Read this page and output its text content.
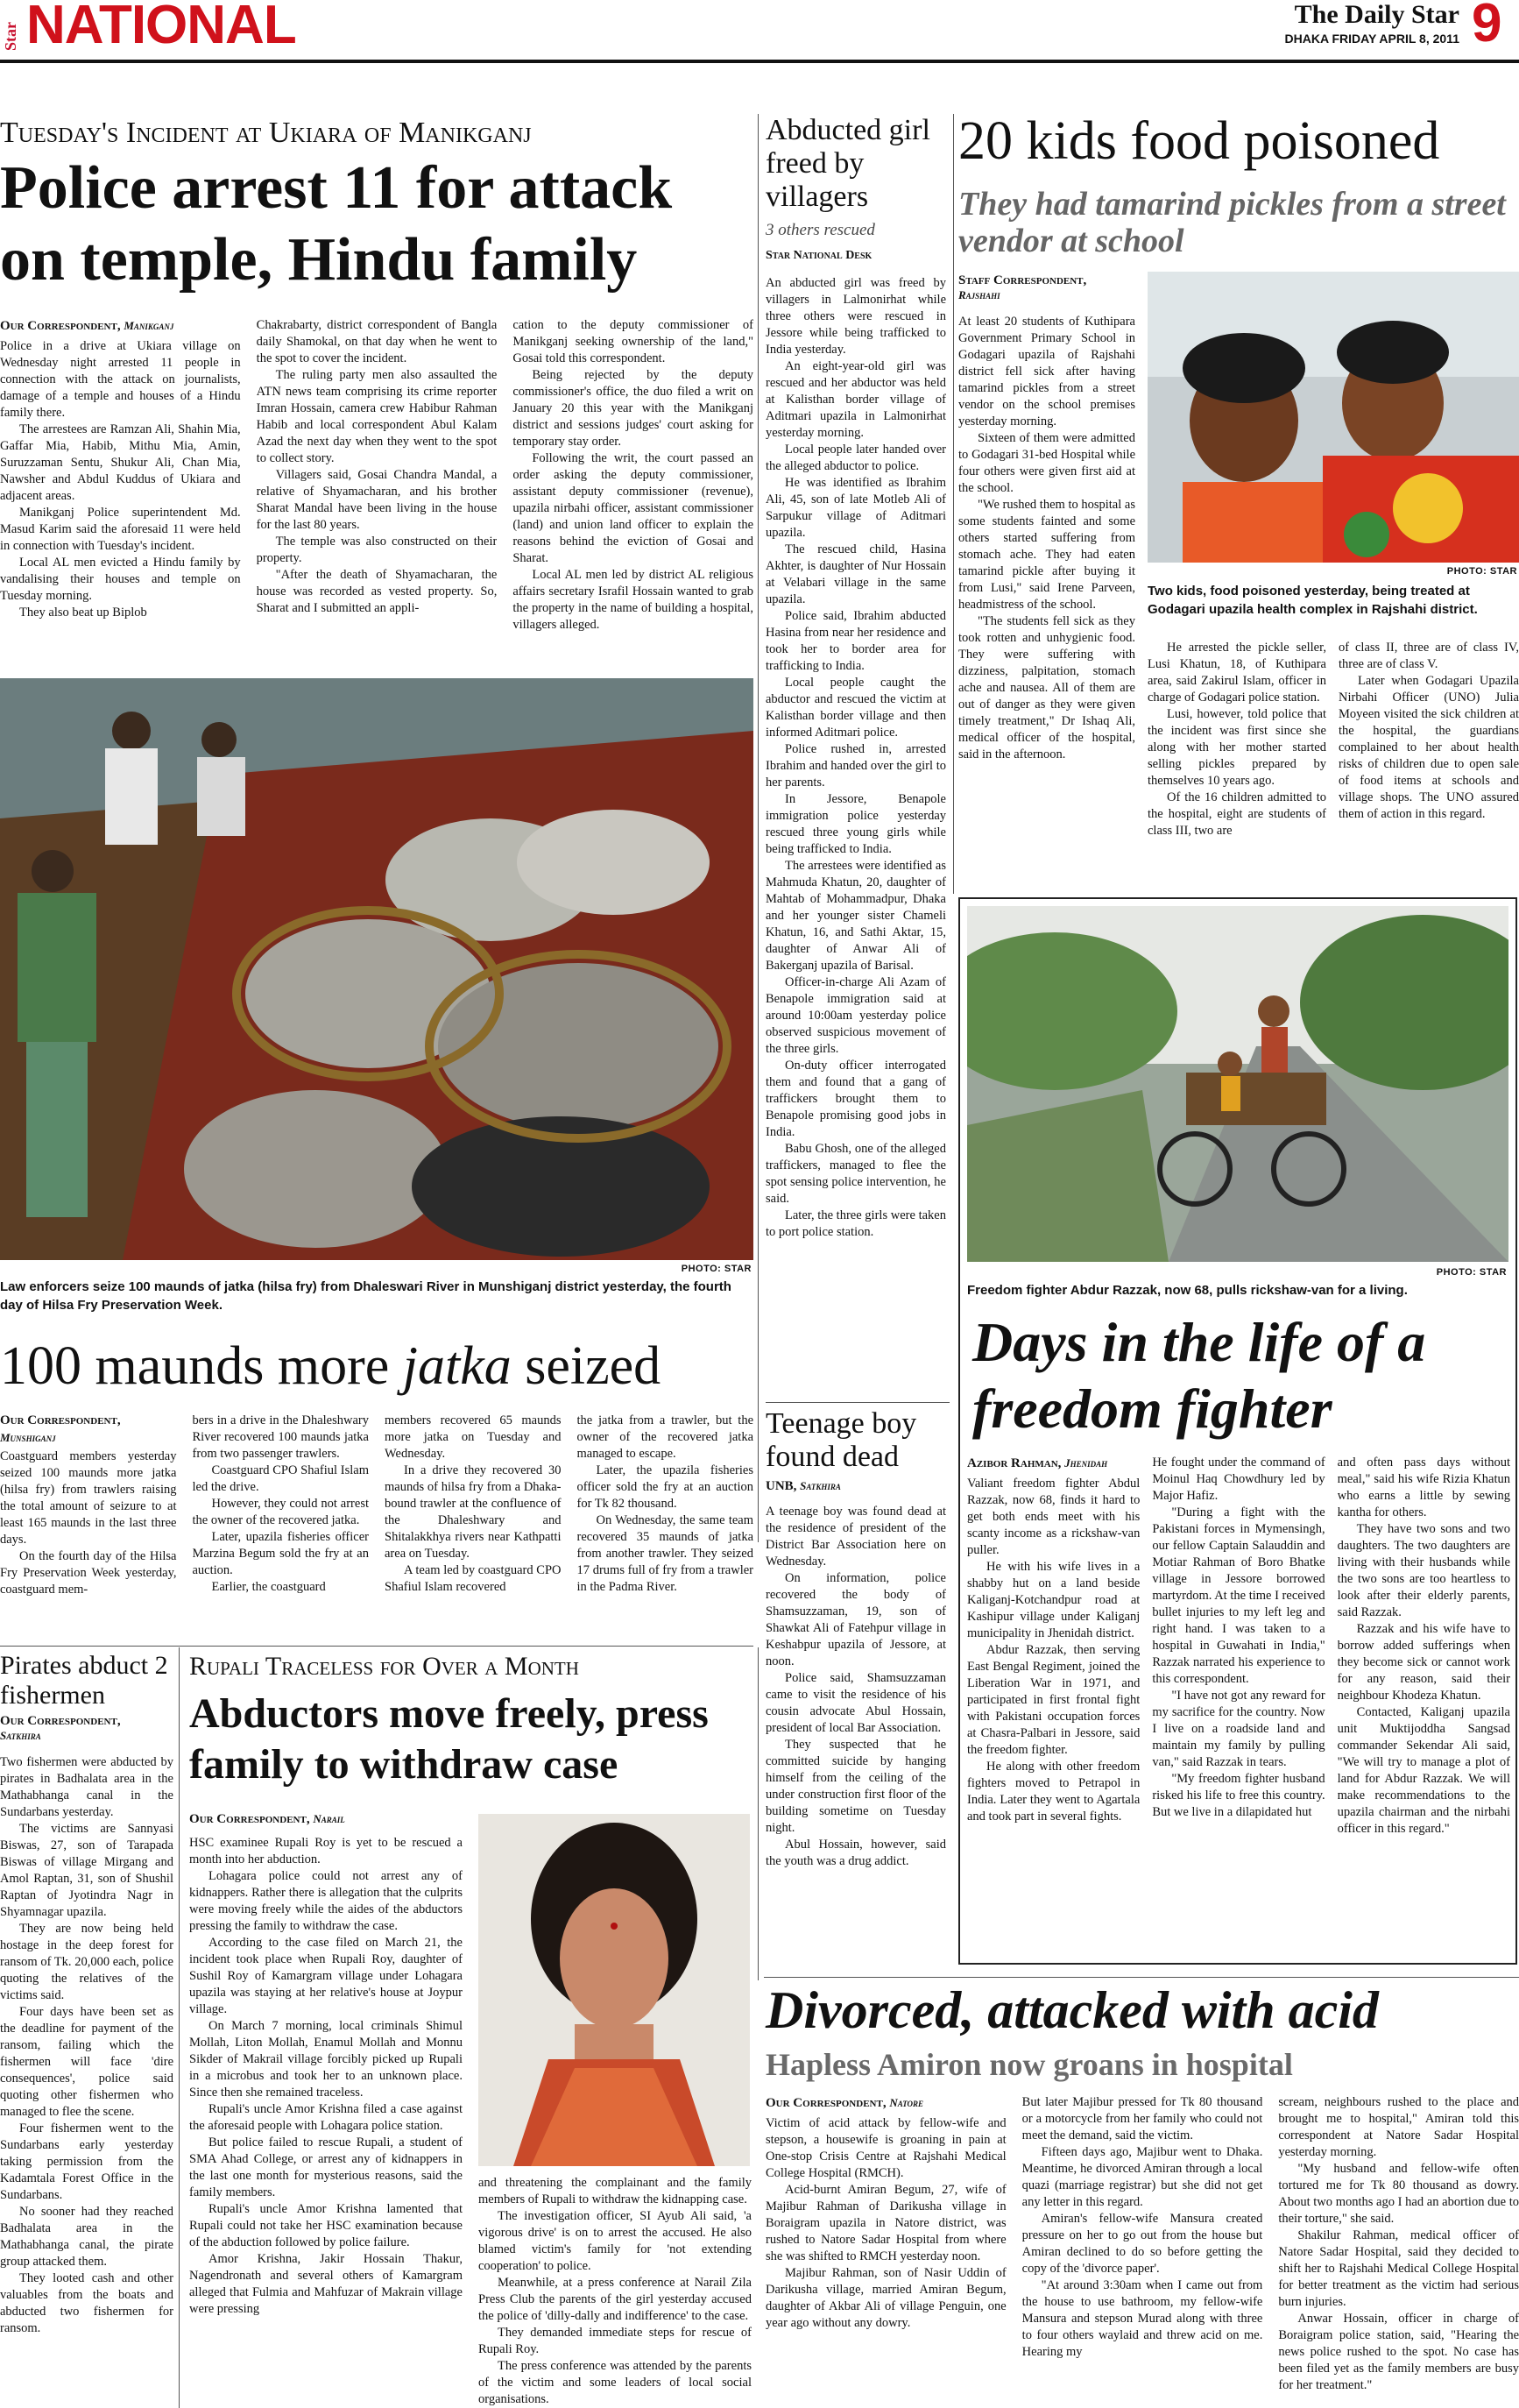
Star NATIONAL	The Daily Star
DHAKA FRIDAY APRIL 8, 2011 9
Tuesday's Incident at Ukiara of Manikganj
Police arrest 11 for attack
on temple, Hindu family
Our Correspondent, Manikganj

Police in a drive at Ukiara village on Wednesday night arrested 11 people in connection with the attack on journalists, damage of a temple and houses of a Hindu family there.

The arrestees are Ramzan Ali, Shahin Mia, Gaffar Mia, Habib, Mithu Mia, Amin, Suruzzaman Sentu, Shukur Ali, Chan Mia, Nawsher and Abdul Kuddus of Ukiara and adjacent areas.

Manikganj Police superintendent Md. Masud Karim said the aforesaid 11 were held in connection with Tuesday's incident.

Local AL men evicted a Hindu family by vandalising their houses and temple on Tuesday morning.

They also beat up Biplob

Chakrabarty, district correspondent of Bangla daily Shamokal, on that day when he went to the spot to cover the incident.

The ruling party men also assaulted the ATN news team comprising its crime reporter Imran Hossain, camera crew Habibur Rahman Habib and local correspondent Abul Kalam Azad the next day when they went to the spot to collect story.

Villagers said, Gosai Chandra Mandal, a relative of Shyamacharan, and his brother Sharat Mandal have been living in the house for the last 80 years.

The temple was also constructed on their property.

"After the death of Shyamacharan, the house was recorded as vested property. So, Sharat and I submitted an appli-

cation to the deputy commissioner of Manikganj seeking ownership of the land," Gosai told this correspondent.

Being rejected by the deputy commissioner's office, the duo filed a writ on January 20 this year with the Manikganj district and sessions judges' court asking for temporary stay order.

Following the writ, the court passed an order asking the deputy commissioner, assistant deputy commissioner (revenue), upazila nirbahi officer, assistant commissioner (land) and union land officer to explain the reasons behind the eviction of Gosai and Sharat.

Local AL men led by district AL religious affairs secretary Israfil Hossain wanted to grab the property in the name of building a hospital, villagers alleged.

PHOTO: STAR
Law enforcers seize 100 maunds of jatka (hilsa fry) from Dhaleswari River in Munshiganj district yesterday, the fourth day of Hilsa Fry Preservation Week.
100 maunds more jatka seized
Our Correspondent,
Munshiganj

Coastguard members yesterday seized 100 maunds more jatka (hilsa fry) from trawlers raising the total amount of seizure to at least 165 maunds in the last three days.

On the fourth day of the Hilsa Fry Preservation Week yesterday, coastguard mem-

bers in a drive in the Dhaleshwary River recovered 100 maunds jatka from two passenger trawlers.

Coastguard CPO Shafiul Islam led the drive.

However, they could not arrest the owner of the recovered jatka.

Later, upazila fisheries officer Marzina Begum sold the fry at an auction.

Earlier, the coastguard

members recovered 65 maunds more jatka on Tuesday and Wednesday.

In a drive they recovered 30 maunds of hilsa fry from a Dhaka-bound trawler at the confluence of the Dhaleshwary and Shitalakkhya rivers near Kathpatti area on Tuesday.

A team led by coastguard CPO Shafiul Islam recovered

the jatka from a trawler, but the owner of the recovered jatka managed to escape.

Later, the upazila fisheries officer sold the fry at an auction for Tk 82 thousand.

On Wednesday, the same team recovered 35 maunds of jatka from another trawler. They seized 17 drums full of fry from a trawler in the Padma River.

Abducted girl freed by villagers
3 others rescued
Star National Desk

An abducted girl was freed by villagers in Lalmonirhat while three others were rescued in Jessore while being trafficked to India yesterday.

An eight-year-old girl was rescued and her abductor was held at Kalisthan border village of Aditmari upazila in Lalmonirhat yesterday morning.

Local people later handed over the alleged abductor to police.

He was identified as Ibrahim Ali, 45, son of late Motleb Ali of Sarpukur village of Aditmari upazila.

The rescued child, Hasina Akhter, is daughter of Nur Hossain at Velabari village in the same upazila.

Police said, Ibrahim abducted Hasina from near her residence and took her to border area for trafficking to India.

Local people caught the abductor and rescued the victim at Kalisthan border village and then informed Aditmari police.

Police rushed in, arrested Ibrahim and handed over the girl to her parents.

In Jessore, Benapole immigration police yesterday rescued three young girls while being trafficked to India.

The arrestees were identified as Mahmuda Khatun, 20, daughter of Mahtab of Mohammadpur, Dhaka and her younger sister Chameli Khatun, 16, and Sathi Aktar, 15, daughter of Anwar Ali of Bakerganj upazila of Barisal.

Officer-in-charge Ali Azam of Benapole immigration said at around 10:00am yesterday police observed suspicious movement of the three girls.

On-duty officer interrogated them and found that a gang of traffickers brought them to Benapole promising good jobs in India.

Babu Ghosh, one of the alleged traffickers, managed to flee the spot sensing police intervention, he said.

Later, the three girls were taken to port police station.

Teenage boy found dead
UNB, Satkhira

A teenage boy was found dead at the residence of president of the District Bar Association here on Wednesday.

On information, police recovered the body of Shamsuzzaman, 19, son of Shawkat Ali of Fatehpur village in Keshabpur upazila of Jessore, at noon.

Police said, Shamsuzzaman came to visit the residence of his cousin advocate Abul Hossain, president of local Bar Association.

They suspected that he committed suicide by hanging himself from the ceiling of the under construction first floor of the building sometime on Tuesday night.

Abul Hossain, however, said the youth was a drug addict.

20 kids food poisoned
They had tamarind pickles from a street vendor at school
Staff Correspondent,
Rajshahi

At least 20 students of Kuthipara Government Primary School in Godagari upazila of Rajshahi district fell sick after having tamarind pickles from a street vendor on the school premises yesterday morning.

Sixteen of them were admitted to Godagari 31-bed Hospital while four others were given first aid at the school.

"We rushed them to hospital as some students fainted and some others started suffering from stomach ache. They had eaten tamarind pickle after buying it from Lusi," said Irene Parveen, headmistress of the school.

"The students fell sick as they took rotten and unhygienic food. They were suffering with dizziness, palpitation, stomach ache and nausea. All of them are out of danger as they were given timely treatment," Dr Ishaq Ali, medical officer of the hospital, said in the afternoon.

PHOTO: STAR
Two kids, food poisoned yesterday, being treated at Godagari upazila health complex in Rajshahi district.

He arrested the pickle seller, Lusi Khatun, 18, of Kuthipara area, said Zakirul Islam, officer in charge of Godagari police station.

Lusi, however, told police that the incident was first since she along with her mother started selling pickles prepared by themselves 10 years ago.

Of the 16 children admitted to the hospital, eight are students of class III, two are

of class II, three are of class IV, three are of class V.

Later when Godagari Upazila Nirbahi Officer (UNO) Julia Moyeen visited the sick children at the hospital, the guardians complained to her about health risks of children due to open sale of food items at schools and village shops. The UNO assured them of action in this regard.

PHOTO: STAR
Freedom fighter Abdur Razzak, now 68, pulls rickshaw-van for a living.
Days in the life of a
freedom fighter
Azibor Rahman, Jhenidah

Valiant freedom fighter Abdul Razzak, now 68, finds it hard to get both ends meet with his scanty income as a rickshaw-van puller.

He with his wife lives in a shabby hut on a land beside Kaliganj-Kotchandpur road at Kashipur village under Kaliganj municipality in Jhenidah district.

Abdur Razzak, then serving East Bengal Regiment, joined the Liberation War in 1971, and participated in first frontal fight with Pakistani occupation forces at Chasra-Palbari in Jessore, said the freedom fighter.

He along with other freedom fighters moved to Petrapol in India. Later they went to Agartala and took part in several fights.

He fought under the command of Moinul Haq Chowdhury led by Major Hafiz.

"During a fight with the Pakistani forces in Mymensingh, our fellow Captain Salauddin and Motiar Rahman of Boro Bhatke village in Jessore borrowed martyrdom. At the time I received bullet injuries to my left leg and right hand. I was taken to a hospital in Guwahati in India," Razzak narrated his experience to this correspondent.

"I have not got any reward for my sacrifice for the country. Now I live on a roadside land and maintain my family by pulling van," said Razzak in tears.

"My freedom fighter husband risked his life to free this country. But we live in a dilapidated hut

and often pass days without meal," said his wife Rizia Khatun who earns a little by sewing kantha for others.

They have two sons and two daughters. The two daughters are living with their husbands while the two sons are too heartless to look after their elderly parents, said Razzak.

Razzak and his wife have to borrow added sufferings when they become sick or cannot work for any reason, said their neighbour Khodeza Khatun.

Contacted, Kaliganj upazila unit Muktijoddha Sangsad commander Sekendar Ali said, "We will try to manage a plot of land for Abdur Razzak. We will make recommendations to the upazila chairman and the nirbahi officer in this regard."

Pirates abduct 2 fishermen
Our Correspondent,
Satkhira

Two fishermen were abducted by pirates in Badhalata area in the Mathabhanga canal in the Sundarbans yesterday.

The victims are Sannyasi Biswas, 27, son of Tarapada Biswas of village Mirgang and Amol Raptan, 31, son of Shushil Raptan of Jyotindra Nagr in Shyamnagar upazila.

They are now being held hostage in the deep forest for ransom of Tk. 20,000 each, police quoting the relatives of the victims said.

Four days have been set as the deadline for payment of the ransom, failing which the fishermen will face 'dire consequences', police said quoting other fishermen who managed to flee the scene.

Four fishermen went to the Sundarbans early yesterday taking permission from the Kadamtala Forest Office in the Sundarbans.

No sooner had they reached Badhalata area in the Mathabhanga canal, the pirate group attacked them.

They looted cash and other valuables from the boats and abducted two fishermen for ransom.

Rupali Traceless for Over a Month
Abductors move freely, press
family to withdraw case
Our Correspondent, Narail

HSC examinee Rupali Roy is yet to be rescued a month into her abduction.

Lohagara police could not arrest any of kidnappers. Rather there is allegation that the culprits were moving freely while the aides of the abductors pressing the family to withdraw the case.

According to the case filed on March 21, the incident took place when Rupali Roy, daughter of Sushil Roy of Kamargram village under Lohagara upazila was staying at her relative's house at Joypur village.

On March 7 morning, local criminals Shimul Mollah, Liton Mollah, Enamul Mollah and Monnu Sikder of Makrail village forcibly picked up Rupali in a microbus and took her to an unknown place. Since then she remained traceless.

Rupali's uncle Amor Krishna filed a case against the aforesaid people with Lohagara police station.

But police failed to rescue Rupali, a student of SMA Ahad College, or arrest any of kidnappers in the last one month for mysterious reasons, said the family members.

Rupali's uncle Amor Krishna lamented that Rupali could not take her HSC examination because of the abduction followed by police failure.

Amor Krishna, Jakir Hossain Thakur, Nagendronath and several others of Kamargram alleged that Fulmia and Mahfuzar of Makrain village were pressing

and threatening the complainant and the family members of Rupali to withdraw the kidnapping case.

The investigation officer, SI Ayub Ali said, 'a vigorous drive' is on to arrest the accused. He also blamed victim's family for 'not extending cooperation' to police.

Meanwhile, at a press conference at Narail Zila Press Club the parents of the girl yesterday accused the police of 'dilly-dally and indifference' to the case.

They demanded immediate steps for rescue of Rupali Roy.

The press conference was attended by the parents of the victim and some leaders of local social organisations.

Divorced, attacked with acid
Hapless Amiron now groans in hospital
Our Correspondent, Natore

Victim of acid attack by fellow-wife and stepson, a housewife is groaning in pain at One-stop Crisis Centre at Rajshahi Medical College Hospital (RMCH).

Acid-burnt Amiran Begum, 27, wife of Majibur Rahman of Darikusha village in Boraigram upazila in Natore district, was rushed to Natore Sadar Hospital from where she was shifted to RMCH yesterday noon.

Majibur Rahman, son of Nasir Uddin of Darikusha village, married Amiran Begum, daughter of Akbar Ali of village Penguin, one year ago without any dowry.

But later Majibur pressed for Tk 80 thousand or a motorcycle from her family who could not meet the demand, said the victim.

Fifteen days ago, Majibur went to Dhaka. Meantime, he divorced Amiran through a local quazi (marriage registrar) but she did not get any letter in this regard.

Amiran's fellow-wife Mansura created pressure on her to go out from the house but Amiran declined to do so before getting the copy of the 'divorce paper'.

"At around 3:30am when I came out from the house to use bathroom, my fellow-wife Mansura and stepson Murad along with three to four others waylaid and threw acid on me. Hearing my

scream, neighbours rushed to the place and brought me to hospital," Amiran told this correspondent at Natore Sadar Hospital yesterday morning.

"My husband and fellow-wife often tortured me for Tk 80 thousand as dowry. About two months ago I had an abortion due to their torture," she said.

Shakilur Rahman, medical officer of Natore Sadar Hospital, said they decided to shift her to Rajshahi Medical College Hospital for better treatment as the victim had serious burn injuries.

Anwar Hossain, officer in charge of Boraigram police station, said, "Hearing the news police rushed to the spot. No case has been filed yet as the family members are busy for her treatment."
